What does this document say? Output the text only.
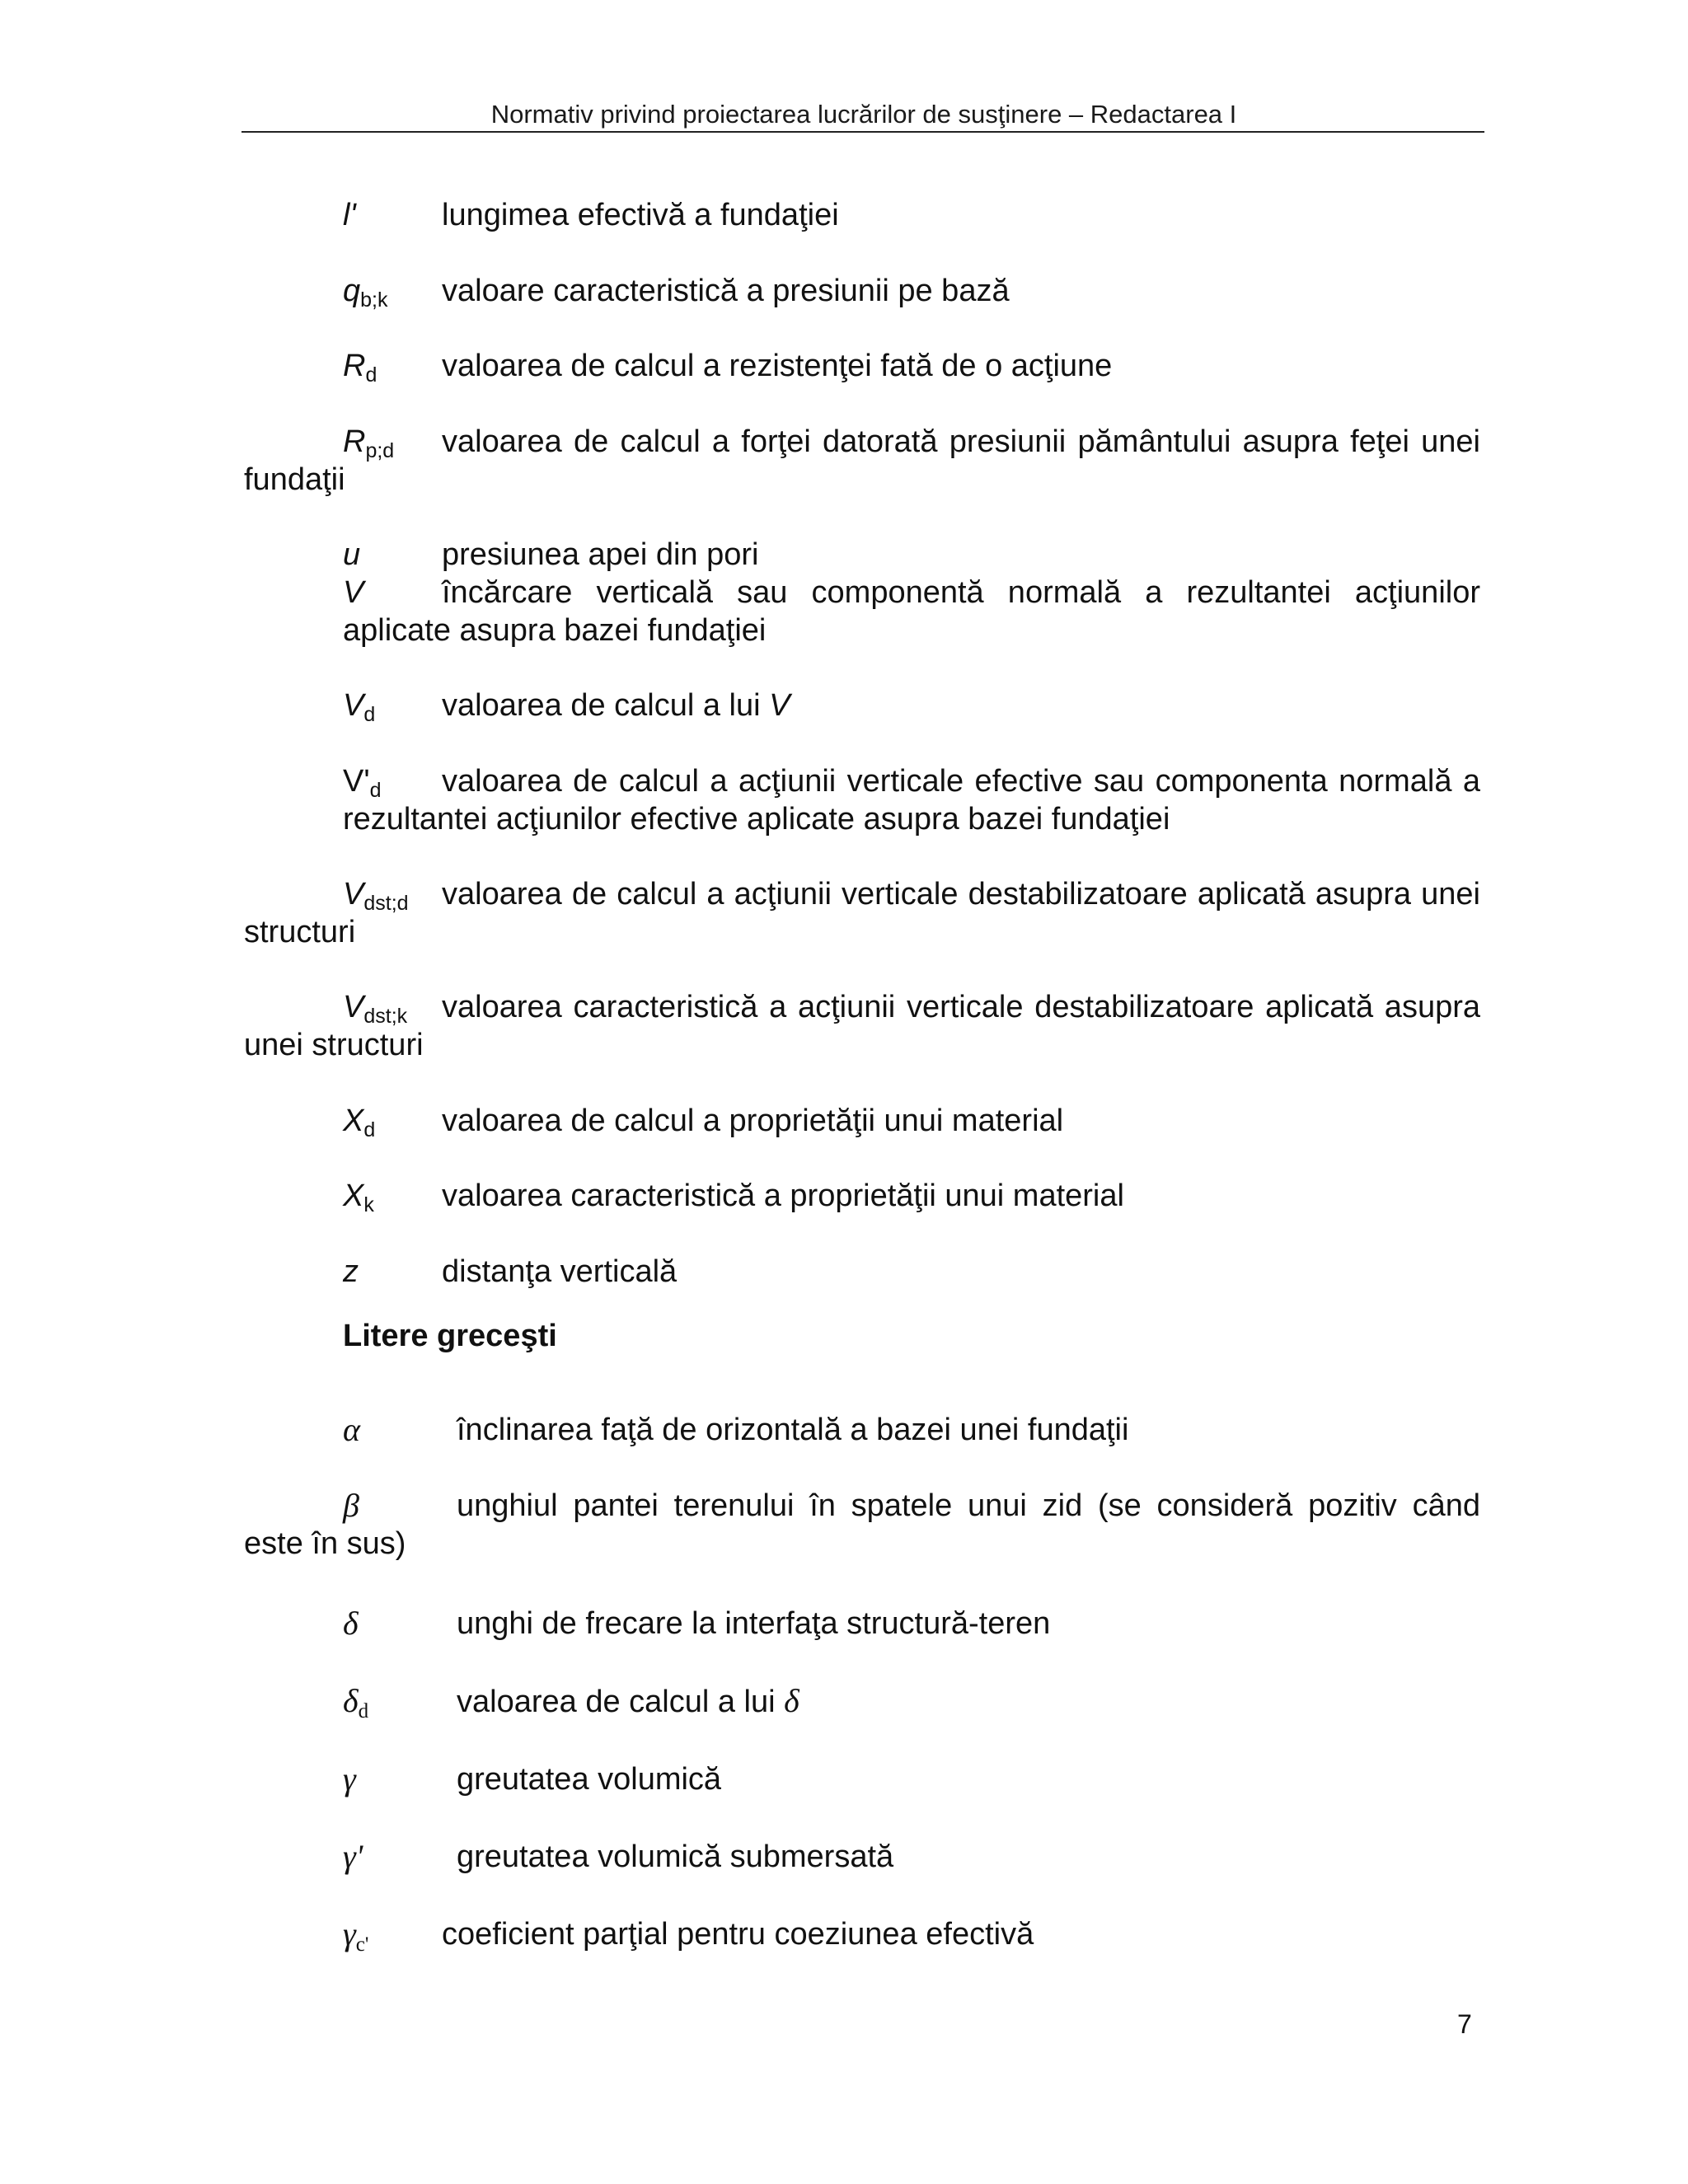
Normativ privind proiectarea lucrărilor de susţinere – Redactarea I
l'	lungimea efectivă a fundaţiei
$q_{b;k}$	valoare caracteristică a presiunii pe bază
$R_d$	valoarea de calcul a rezistenţei fată de o acţiune
$R_{p;d}$	valoarea de calcul a forţei datorată presiunii pământului asupra feţei unei fundaţii
u	presiunea apei din pori
V	încărcare verticală sau componentă normală a rezultantei acţiunilor aplicate asupra bazei fundaţiei
$V_d$	valoarea de calcul a lui V
$V'_d$	valoarea de calcul a acţiunii verticale efective sau componenta normală a rezultantei acţiunilor efective aplicate asupra bazei fundaţiei
$V_{dst;d}$	valoarea de calcul a acţiunii verticale destabilizatoare aplicată asupra unei structuri
$V_{dst;k}$	valoarea caracteristică a acţiunii verticale destabilizatoare aplicată asupra unei structuri
$X_d$	valoarea de calcul a proprietăţii unui material
$X_k$	valoarea caracteristică a proprietăţii unui material
z	distanţa verticală
Litere greceşti
α	înclinarea faţă de orizontală a bazei unei fundaţii
β	unghiul pantei terenului în spatele unui zid (se consideră pozitiv când este în sus)
δ	unghi de frecare la interfaţa structură-teren
$\delta_d$	valoarea de calcul a lui δ
γ	greutatea volumică
γ'	greutatea volumică submersată
$\gamma_{c'}$	coeficient parţial pentru coeziunea efectivă
7
